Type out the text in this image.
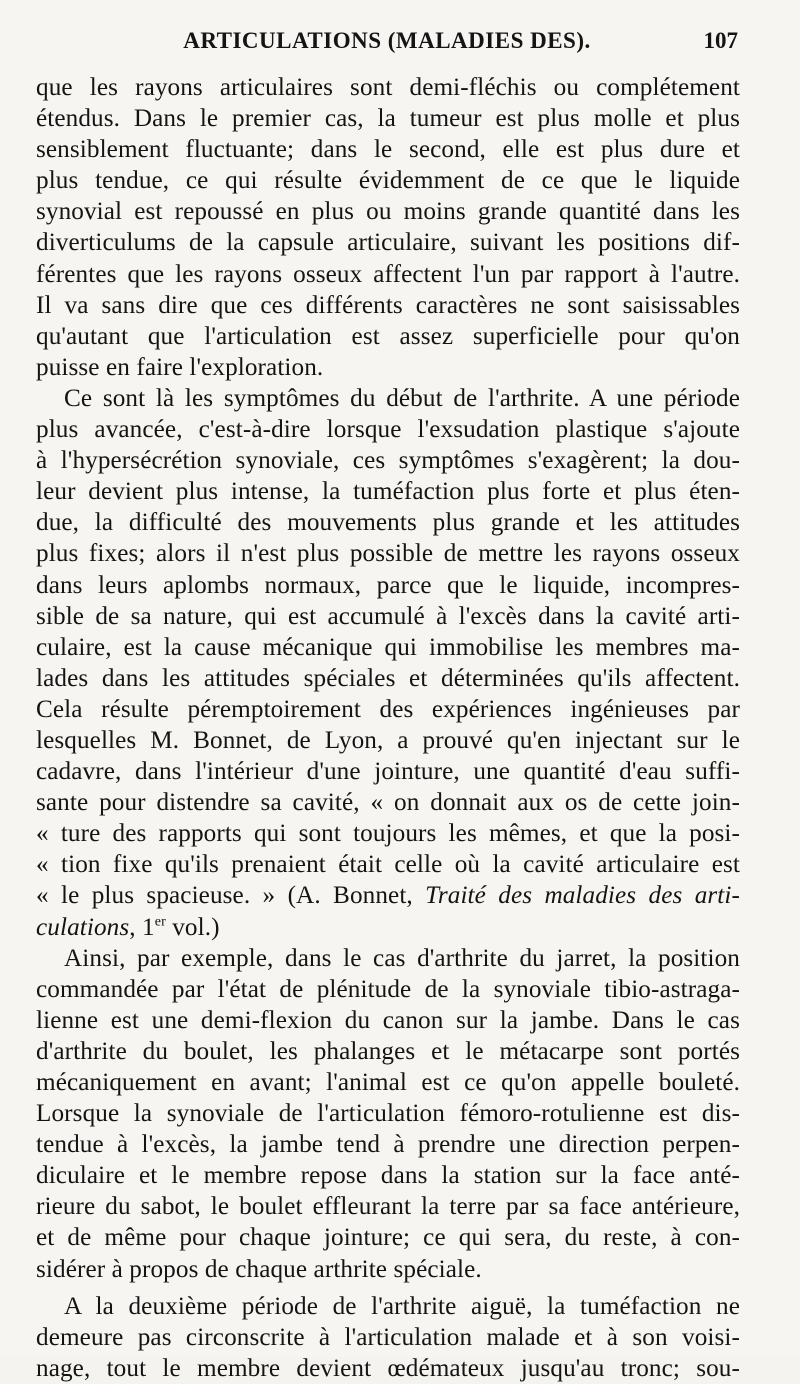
ARTICULATIONS (MALADIES DES).	107
que les rayons articulaires sont demi-fléchis ou complétement
étendus. Dans le premier cas, la tumeur est plus molle et plus
sensiblement fluctuante; dans le second, elle est plus dure et
plus tendue, ce qui résulte évidemment de ce que le liquide
synovial est repoussé en plus ou moins grande quantité dans les
diverticulums de la capsule articulaire, suivant les positions dif-
férentes que les rayons osseux affectent l'un par rapport à l'autre.
Il va sans dire que ces différents caractères ne sont saisissables
qu'autant que l'articulation est assez superficielle pour qu'on
puisse en faire l'exploration.
Ce sont là les symptômes du début de l'arthrite. A une période
plus avancée, c'est-à-dire lorsque l'exsudation plastique s'ajoute
à l'hypersécrétion synoviale, ces symptômes s'exagèrent; la dou-
leur devient plus intense, la tuméfaction plus forte et plus éten-
due, la difficulté des mouvements plus grande et les attitudes
plus fixes; alors il n'est plus possible de mettre les rayons osseux
dans leurs aplombs normaux, parce que le liquide, incompres-
sible de sa nature, qui est accumulé à l'excès dans la cavité arti-
culaire, est la cause mécanique qui immobilise les membres ma-
lades dans les attitudes spéciales et déterminées qu'ils affectent.
Cela résulte péremptoirement des expériences ingénieuses par
lesquelles M. Bonnet, de Lyon, a prouvé qu'en injectant sur le
cadavre, dans l'intérieur d'une jointure, une quantité d'eau suffi-
sante pour distendre sa cavité, « on donnait aux os de cette join-
« ture des rapports qui sont toujours les mêmes, et que la posi-
« tion fixe qu'ils prenaient était celle où la cavité articulaire est
« le plus spacieuse. » (A. Bonnet, Traité des maladies des arti-
culations, 1er vol.)
Ainsi, par exemple, dans le cas d'arthrite du jarret, la position
commandée par l'état de plénitude de la synoviale tibio-astraga-
lienne est une demi-flexion du canon sur la jambe. Dans le cas
d'arthrite du boulet, les phalanges et le métacarpe sont portés
mécaniquement en avant; l'animal est ce qu'on appelle bouleté.
Lorsque la synoviale de l'articulation fémoro-rotulienne est dis-
tendue à l'excès, la jambe tend à prendre une direction perpen-
diculaire et le membre repose dans la station sur la face anté-
rieure du sabot, le boulet effleurant la terre par sa face antérieure,
et de même pour chaque jointure; ce qui sera, du reste, à con-
sidérer à propos de chaque arthrite spéciale.
A la deuxième période de l'arthrite aiguë, la tuméfaction ne
demeure pas circonscrite à l'articulation malade et à son voisi-
nage, tout le membre devient œdémateux jusqu'au tronc; sou-
